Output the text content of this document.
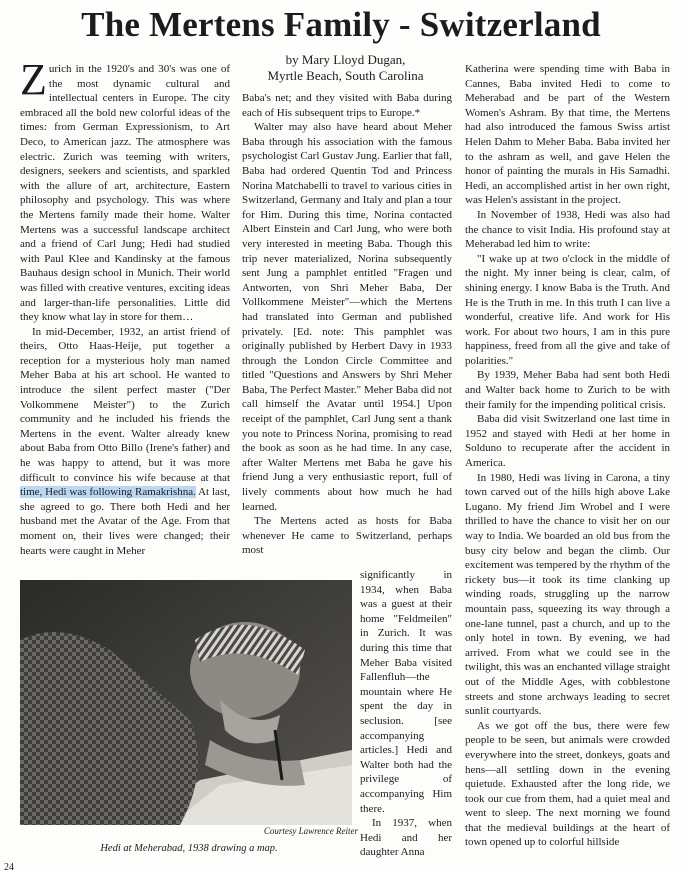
The Mertens Family - Switzerland
by Mary Lloyd Dugan,
Myrtle Beach, South Carolina

Zurich in the 1920's and 30's was one of the most dynamic cultural and intellectual centers in Europe. The city embraced all the bold new colorful ideas of the times: from German Expressionism, to Art Deco, to American jazz. The atmosphere was electric. Zurich was teeming with writers, designers, seekers and scientists, and sparkled with the allure of art, architecture, Eastern philosophy and psychology. This was where the Mertens family made their home. Walter Mertens was a successful landscape architect and a friend of Carl Jung; Hedi had studied with Paul Klee and Kandinsky at the famous Bauhaus design school in Munich. Their world was filled with creative ventures, exciting ideas and larger-than-life personalities. Little did they know what lay in store for them…

In mid-December, 1932, an artist friend of theirs, Otto Haas-Heije, put together a reception for a mysterious holy man named Meher Baba at his art school. He wanted to introduce the silent perfect master ("Der Volkommene Meister") to the Zurich community and he included his friends the Mertens in the event. Walter already knew about Baba from Otto Billo (Irene's father) and he was happy to attend, but it was more difficult to convince his wife because at that time, Hedi was following Ramakrishna. At last, she agreed to go. There both Hedi and her husband met the Avatar of the Age. From that moment on, their lives were changed; their hearts were caught in Meher

Baba's net; and they visited with Baba during each of His subsequent trips to Europe.*

Walter may also have heard about Meher Baba through his association with the famous psychologist Carl Gustav Jung. Earlier that fall, Baba had ordered Quentin Tod and Princess Norina Matchabelli to travel to various cities in Switzerland, Germany and Italy and plan a tour for Him. During this time, Norina contacted Albert Einstein and Carl Jung, who were both very interested in meeting Baba. Though this trip never materialized, Norina subsequently sent Jung a pamphlet entitled "Fragen und Antworten, von Shri Meher Baba, Der Vollkommene Meister"—which the Mertens had translated into German and published privately. [Ed. note: This pamphlet was originally published by Herbert Davy in 1933 through the London Circle Committee and titled "Questions and Answers by Shri Meher Baba, The Perfect Master." Meher Baba did not call himself the Avatar until 1954.] Upon receipt of the pamphlet, Carl Jung sent a thank you note to Princess Norina, promising to read the book as soon as he had time. In any case, after Walter Mertens met Baba he gave his friend Jung a very enthusiastic report, full of lively comments about how much he had learned.

The Mertens acted as hosts for Baba whenever He came to Switzerland, perhaps most

significantly in 1934, when Baba was a guest at their home "Feldmeilen" in Zurich. It was during this time that Meher Baba visited Fallenfluh—the mountain where He spent the day in seclusion. [see accompanying articles.] Hedi and Walter both had the privilege of accompanying Him there.

In 1937, when Hedi and her daughter Anna

Katherina were spending time with Baba in Cannes, Baba invited Hedi to come to Meherabad and be part of the Western Women's Ashram. By that time, the Mertens had also introduced the famous Swiss artist Helen Dahm to Meher Baba. Baba invited her to the ashram as well, and gave Helen the honor of painting the murals in His Samadhi. Hedi, an accomplished artist in her own right, was Helen's assistant in the project.

In November of 1938, Hedi was also had the chance to visit India. His profound stay at Meherabad led him to write:

"I wake up at two o'clock in the middle of the night. My inner being is clear, calm, of shining energy. I know Baba is the Truth. And He is the Truth in me. In this truth I can live a wonderful, creative life. And work for His work. For about two hours, I am in this pure happiness, freed from all the give and take of polarities."

By 1939, Meher Baba had sent both Hedi and Walter back home to Zurich to be with their family for the impending political crisis.

Baba did visit Switzerland one last time in 1952 and stayed with Hedi at her home in Solduno to recuperate after the accident in America.

In 1980, Hedi was living in Carona, a tiny town carved out of the hills high above Lake Lugano. My friend Jim Wrobel and I were thrilled to have the chance to visit her on our way to India. We boarded an old bus from the busy city below and began the climb. Our excitement was tempered by the rhythm of the rickety bus—it took its time clanking up winding roads, struggling up the narrow mountain pass, squeezing its way through a one-lane tunnel, past a church, and up to the only hotel in town. By evening, we had arrived. From what we could see in the twilight, this was an enchanted village straight out of the Middle Ages, with cobblestone streets and stone archways leading to secret sunlit courtyards.

As we got off the bus, there were few people to be seen, but animals were crowded everywhere into the street, donkeys, goats and hens—all settling down in the evening quietude. Exhausted after the long ride, we took our cue from them, had a quiet meal and went to sleep. The next morning we found that the medieval buildings at the heart of town opened up to colorful hillside

Courtesy Lawrence Reiter
Hedi at Meherabad, 1938 drawing a map.
24
